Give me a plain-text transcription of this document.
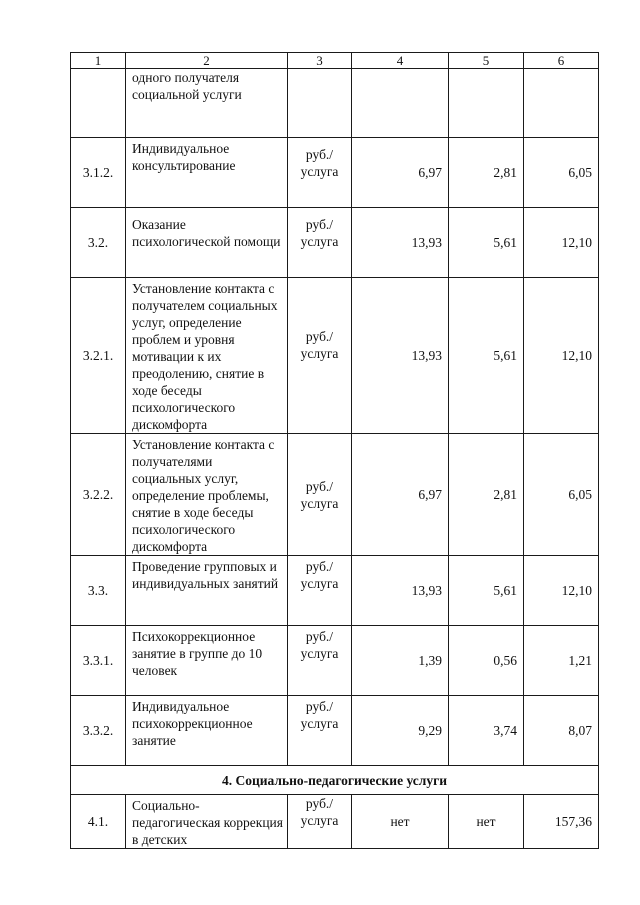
1	2	3	4	5	6

	одного получателя социальной услуги				

3.1.2.	Индивидуальное консультирование	руб./ услуга	6,97	2,81	6,05
3.2.	Оказание психологической помощи	руб./ услуга	13,93	5,61	12,10
3.2.1.	Установление контакта с получателем социальных услуг, определение проблем и уровня мотивации к их преодолению, снятие в ходе беседы психологического дискомфорта	руб./ услуга	13,93	5,61	12,10
3.2.2.	Установление контакта с получателями социальных услуг, определение проблемы, снятие в ходе беседы психологического дискомфорта	руб./ услуга	6,97	2,81	6,05
3.3.	Проведение групповых и индивидуальных занятий	руб./ услуга	13,93	5,61	12,10
3.3.1.	Психокоррекционное занятие в группе до 10 человек	руб./ услуга	1,39	0,56	1,21
3.3.2.	Индивидуальное психокоррекционное занятие	руб./ услуга	9,29	3,74	8,07
4. Социально-педагогические услуги					
4.1.	Социально-педагогическая коррекция в детских	руб./ услуга	нет	нет	157,36
